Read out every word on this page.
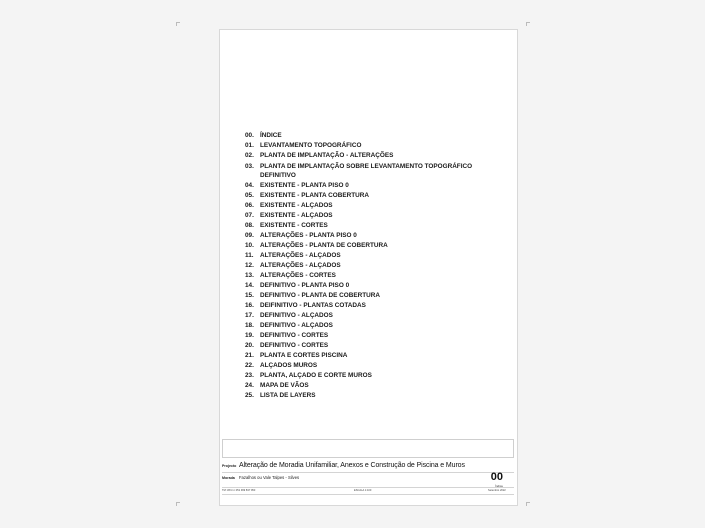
00. ÍNDICE
01. LEVANTAMENTO TOPOGRÁFICO
02. PLANTA DE IMPLANTAÇÃO - ALTERAÇÕES
03. PLANTA DE IMPLANTAÇÃO SOBRE LEVANTAMENTO TOPOGRÁFICO DEFINITIVO
04. EXISTENTE - PLANTA PISO 0
05. EXISTENTE - PLANTA COBERTURA
06. EXISTENTE - ALÇADOS
07. EXISTENTE - ALÇADOS
08. EXISTENTE - CORTES
09. ALTERAÇÕES - PLANTA PISO 0
10. ALTERAÇÕES - PLANTA DE COBERTURA
11.	ALTERAÇÕES - ALÇADOS
12. ALTERAÇÕES - ALÇADOS
13. ALTERAÇÕES - CORTES
14. DEFINITIVO - PLANTA PISO 0
15. DEFINITIVO - PLANTA DE COBERTURA
16. DEIFINITIVO - PLANTAS COTADAS
17. DEFINITIVO - ALÇADOS
18. DEFINITIVO - ALÇADOS
19. DEFINITIVO - CORTES
20. DEFINITIVO - CORTES
21. PLANTA E CORTES PISCINA
22. ALÇADOS MUROS
23. PLANTA, ALÇADO E CORTE MUROS
24. MAPA DE VÃOS
25. LISTA DE LAYERS
Projecto Alteração de Moradia Unifamiliar, Anexos e Construção de Piscina e Muros
Morada	Fazalhos ou Vale Talpes - Silves	00
Índice
TM: WN.1 t:351 969 837 953	ESCALA 1:100	Setembro 2022
